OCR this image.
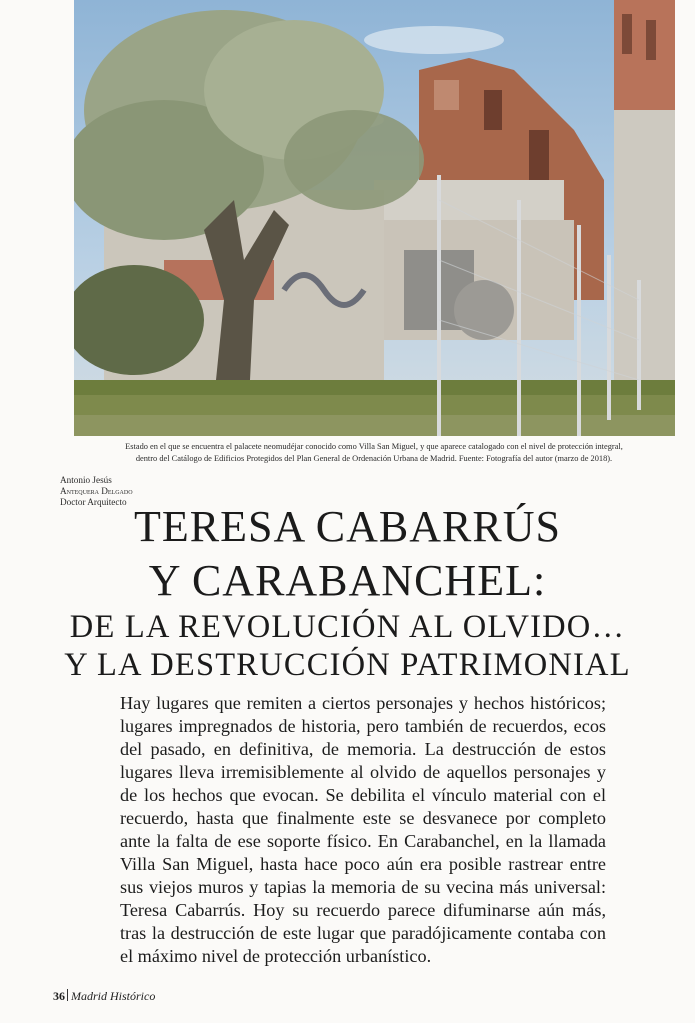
Estado en el que se encuentra el palacete neomudéjar conocido como Villa San Miguel, y que aparece catalogado con el nivel de protección integral,
dentro del Catálogo de Edificios Protegidos del Plan General de Ordenación Urbana de Madrid. Fuente: Fotografía del autor (marzo de 2018).
Antonio Jesús
Antequera Delgado
Doctor Arquitecto TERESA CABARRÚS
Y CARABANCHEL:
DE LA REVOLUCIÓN AL OLVIDO…
Y LA DESTRUCCIÓN PATRIMONIAL
Hay lugares que remiten a ciertos personajes y hechos históricos;
lugares impregnados de historia, pero también de recuerdos, ecos
del pasado, en definitiva, de memoria. La destrucción de estos
lugares lleva irremisiblemente al olvido de aquellos personajes y
de los hechos que evocan. Se debilita el vínculo material con el
recuerdo, hasta que finalmente este se desvanece por completo
ante la falta de ese soporte físico. En Carabanchel, en la llamada
Villa San Miguel, hasta hace poco aún era posible rastrear entre
sus viejos muros y tapias la memoria de su vecina más universal:
Teresa Cabarrús. Hoy su recuerdo parece difuminarse aún más,
tras la destrucción de este lugar que paradójicamente contaba con
el máximo nivel de protección urbanístico.
36 Madrid Histórico
